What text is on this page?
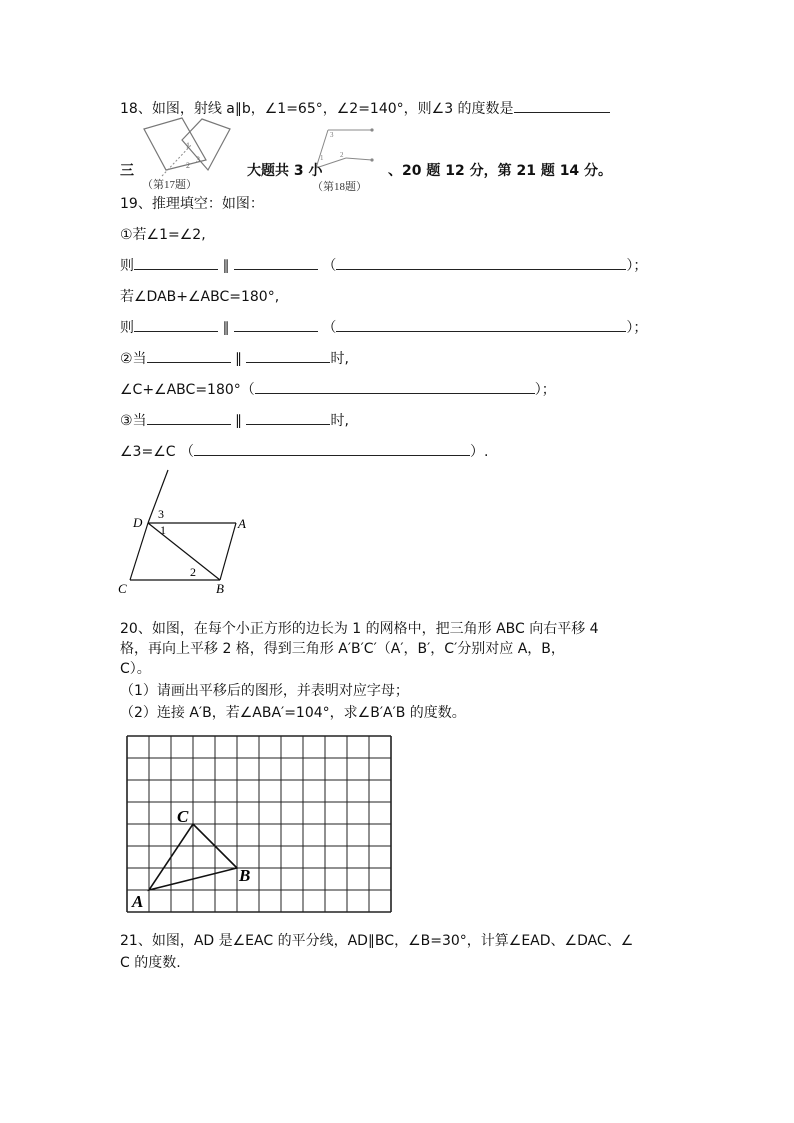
18、如图，射线 a∥b，∠1=65°，∠2=140°，则∠3 的度数是
1
2
3
（第17题）
3
2
1
（第18题）
三	大题共 3 小	、20 题 12 分，第 21 题 14 分。
19、推理填空：如图：
①若∠1=∠2,
则	∥	（	）；
若∠DAB+∠ABC=180°,
则	∥	（	）；
②当	∥	时,
∠C+∠ABC=180°（	）；
③当	∥	时,
∠3=∠C （	）.
D	A
C	B
1
2
3
20、如图，在每个小正方形的边长为 1 的网格中，把三角形 ABC 向右平移 4
格，再向上平移 2 格，得到三角形 A′B′C′（A′，B′，C′分别对应 A，B，
C）。
（1）请画出平移后的图形，并表明对应字母；
（2）连接 A′B，若∠ABA′=104°，求∠B′A′B 的度数。
A
B
C
21、如图，AD 是∠EAC 的平分线，AD∥BC，∠B=30°，计算∠EAD、∠DAC、∠
C 的度数.
